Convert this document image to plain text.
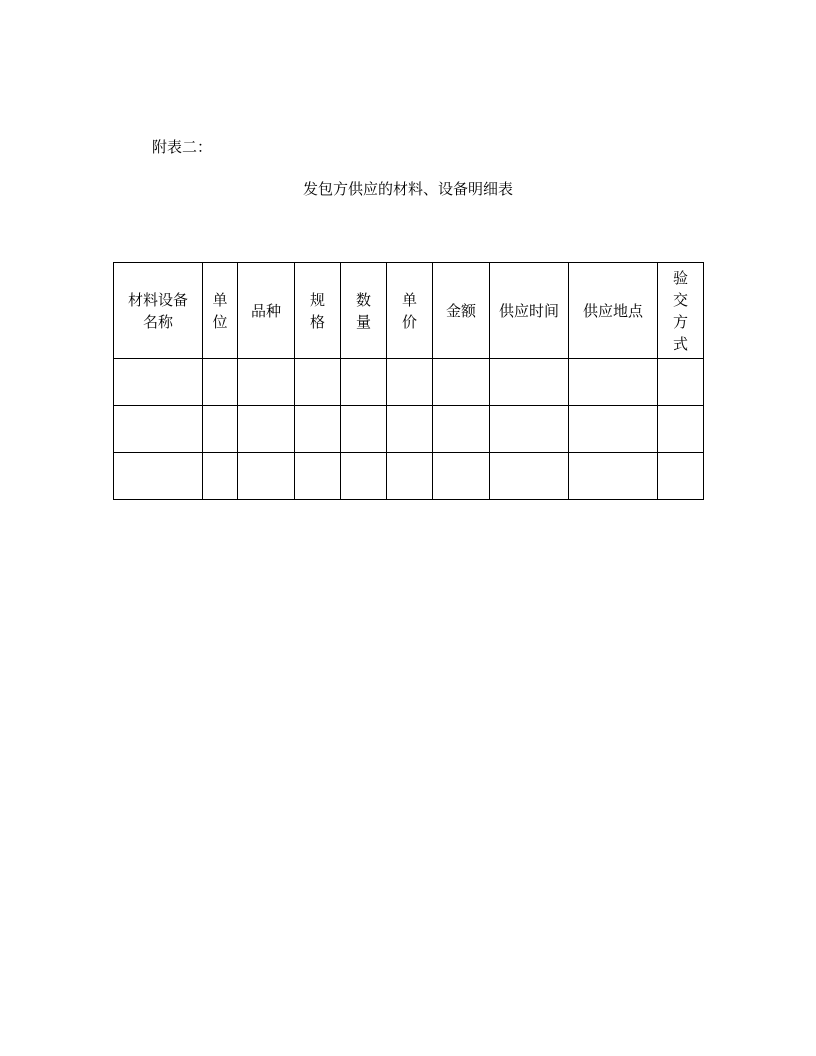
附表二：
发包方供应的材料、设备明细表
材料设备
名称	单位	品种	规格	数量	单价	金额	供应时间	供应地点	验交方式
